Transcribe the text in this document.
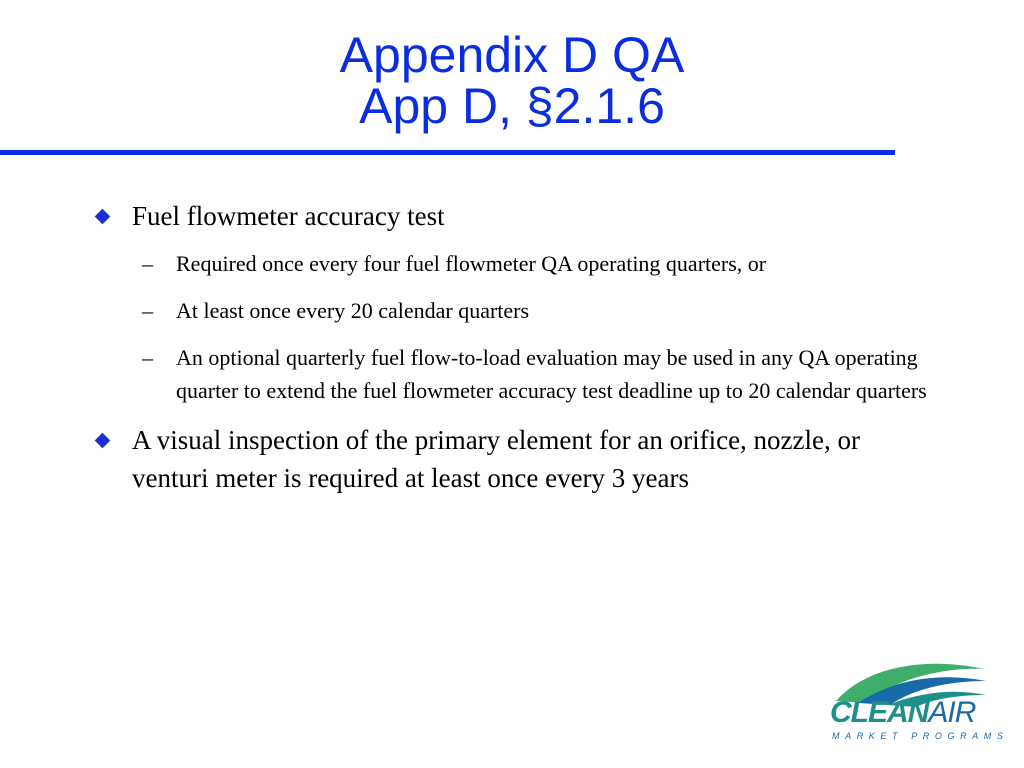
Appendix D QA
App D, §2.1.6
Fuel flowmeter accuracy test
–	Required once every four fuel flowmeter QA operating quarters, or
–	At least once every 20 calendar quarters
–	An optional quarterly fuel flow-to-load evaluation may be used in any QA operating quarter to extend the fuel flowmeter accuracy test deadline up to 20 calendar quarters
A visual inspection of the primary element for an orifice, nozzle, or venturi meter is required at least once every 3 years
CLEANAIR
MARKET PROGRAMS
